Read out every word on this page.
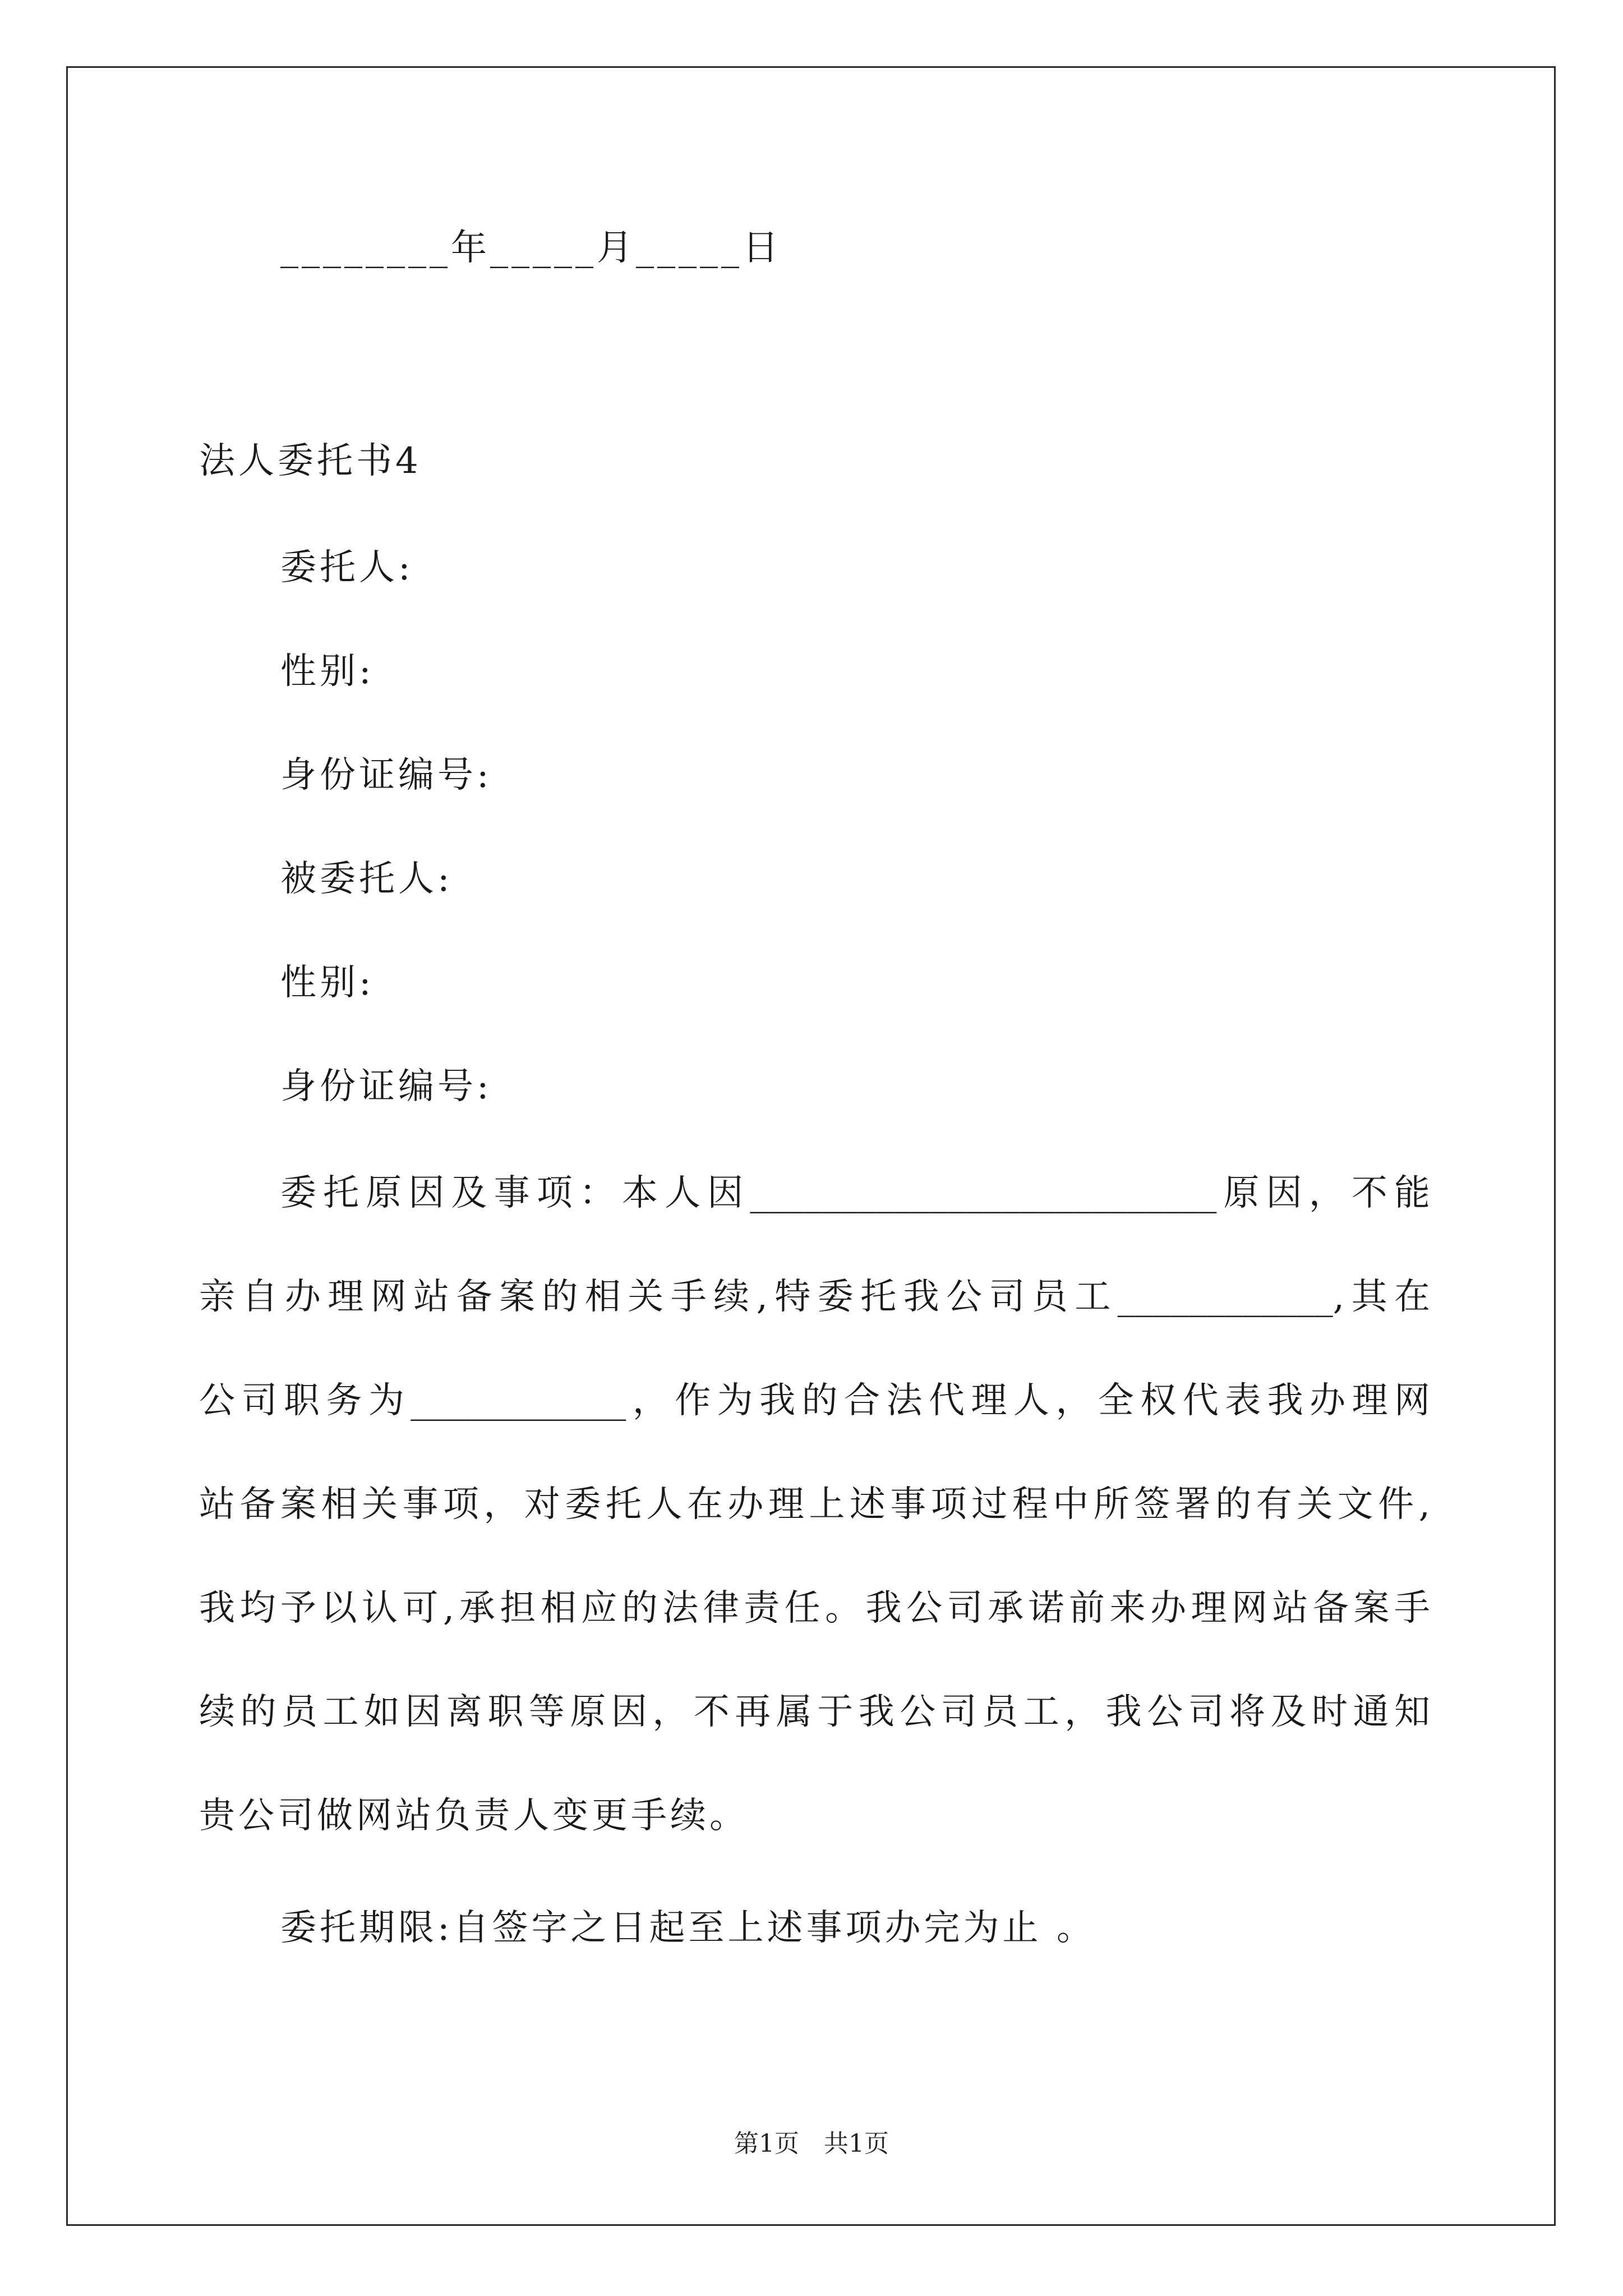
________年_____月_____日
法人委托书4
委托人:
性别:
身份证编号:
被委托人:
性别:
身份证编号:
委托原因及事项：本人因__________________________原因，不能
亲自办理网站备案的相关手续,特委托我公司员工____________,其在
公司职务为____________，作为我的合法代理人，全权代表我办理网
站备案相关事项，对委托人在办理上述事项过程中所签署的有关文件,
我均予以认可,承担相应的法律责任。我公司承诺前来办理网站备案手
续的员工如因离职等原因，不再属于我公司员工，我公司将及时通知
贵公司做网站负责人变更手续。
委托期限:自签字之日起至上述事项办完为止 。
第1页　共1页
